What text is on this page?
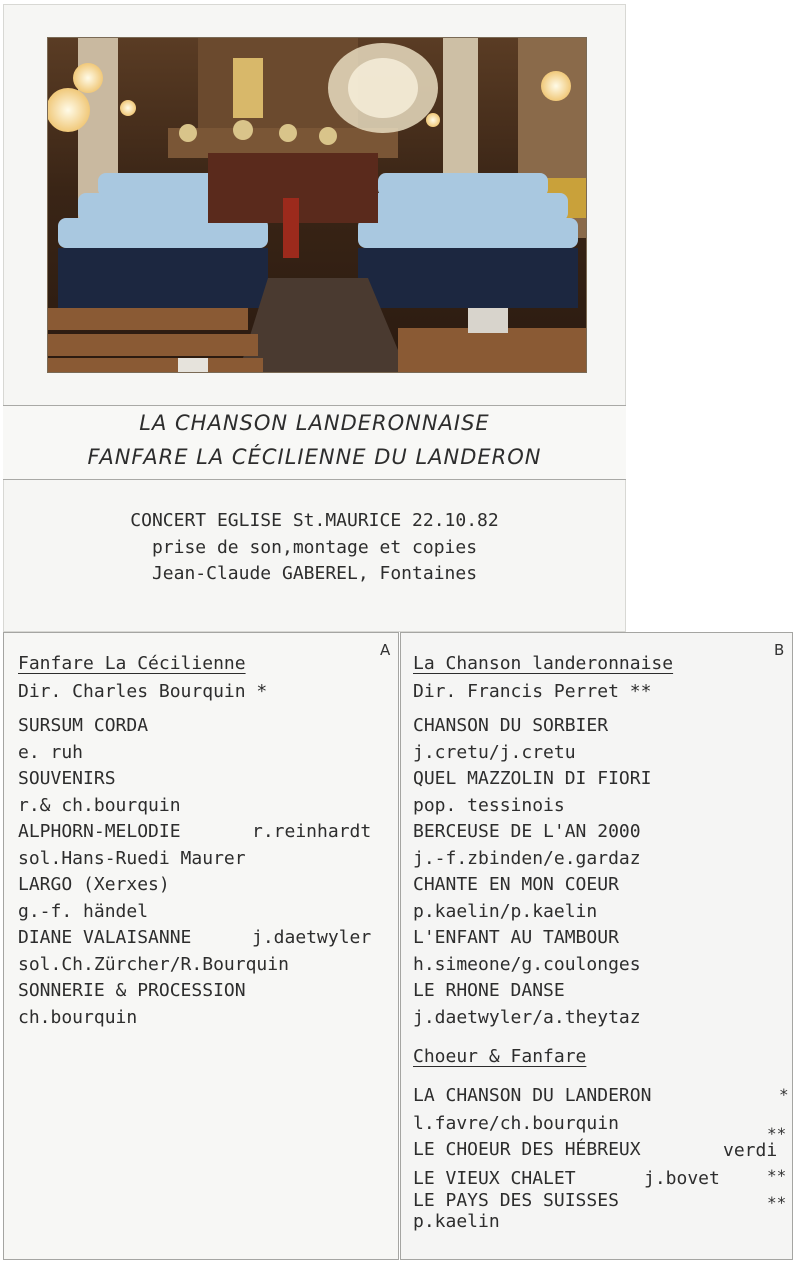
LA CHANSON LANDERONNAISE
FANFARE LA CÉCILIENNE DU LANDERON
CONCERT EGLISE St.MAURICE 22.10.82
prise de son,montage et copies
Jean-Claude GABEREL, Fontaines
A
Fanfare La Cécilienne
Dir. Charles Bourquin *
SURSUM CORDA
e. ruh
SOUVENIRS
r.& ch.bourquin
ALPHORN-MELODIE	r.reinhardt
sol.Hans-Ruedi Maurer
LARGO (Xerxes)
g.-f. händel
DIANE VALAISANNE	j.daetwyler
sol.Ch.Zürcher/R.Bourquin
SONNERIE & PROCESSION
ch.bourquin
B
La Chanson landeronnaise
Dir. Francis Perret **
CHANSON DU SORBIER
j.cretu/j.cretu
QUEL MAZZOLIN DI FIORI
pop. tessinois
BERCEUSE DE L'AN 2000
j.-f.zbinden/e.gardaz
CHANTE EN MON COEUR
p.kaelin/p.kaelin
L'ENFANT AU TAMBOUR
h.simeone/g.coulonges
LE RHONE DANSE
j.daetwyler/a.theytaz
Choeur & Fanfare
LA CHANSON DU LANDERON	*
l.favre/ch.bourquin	**
LE CHOEUR DES HÉBREUX	verdi
LE VIEUX CHALET	j.bovet	**
LE PAYS DES SUISSES	**
p.kaelin
